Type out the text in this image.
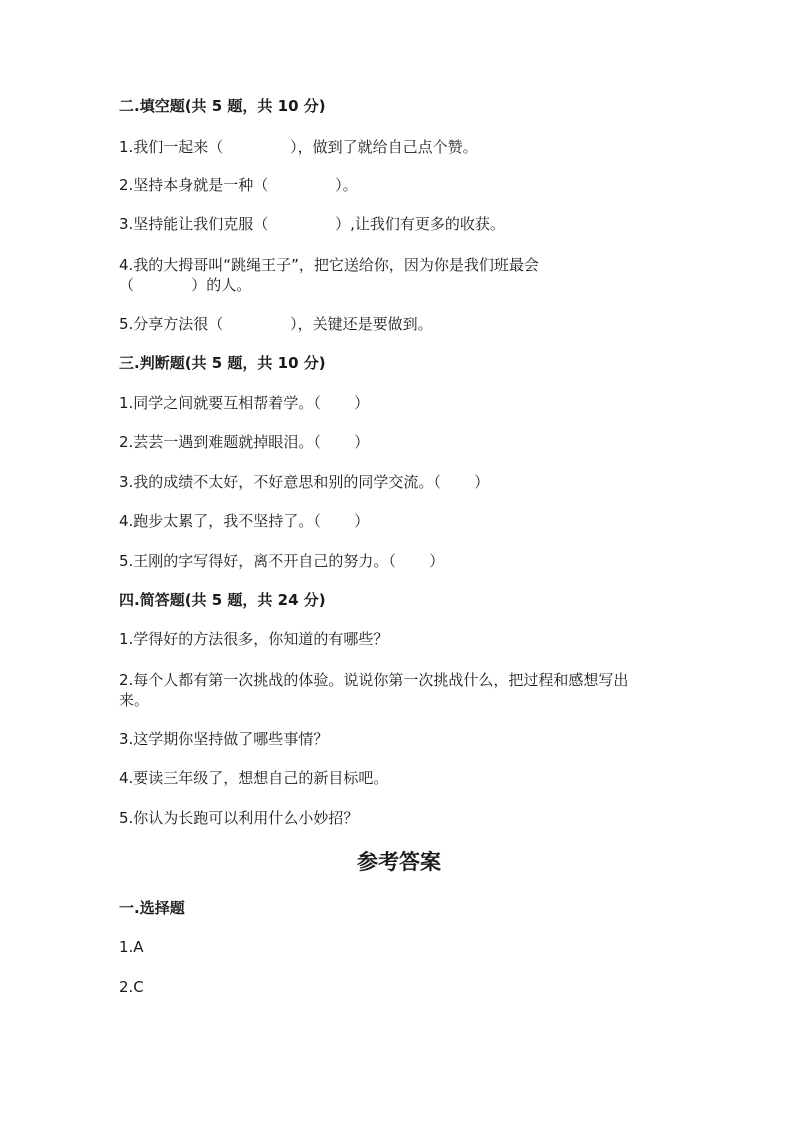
二.填空题(共 5 题，共 10 分)
1.我们一起来（              ），做到了就给自己点个赞。
2.坚持本身就是一种（              ）。
3.坚持能让我们克服（              ）,让我们有更多的收获。
4.我的大拇哥叫“跳绳王子”，把它送给你，因为你是我们班最会
（            ）的人。
5.分享方法很（              ），关键还是要做到。
三.判断题(共 5 题，共 10 分)
1.同学之间就要互相帮着学。（       ）
2.芸芸一遇到难题就掉眼泪。（       ）
3.我的成绩不太好，不好意思和别的同学交流。（       ）
4.跑步太累了，我不坚持了。（       ）
5.王刚的字写得好，离不开自己的努力。（       ）
四.简答题(共 5 题，共 24 分)
1.学得好的方法很多，你知道的有哪些？
2.每个人都有第一次挑战的体验。说说你第一次挑战什么，把过程和感想写出
来。
3.这学期你坚持做了哪些事情？
4.要读三年级了，想想自己的新目标吧。
5.你认为长跑可以利用什么小妙招？
参考答案
一.选择题
1.A
2.C
